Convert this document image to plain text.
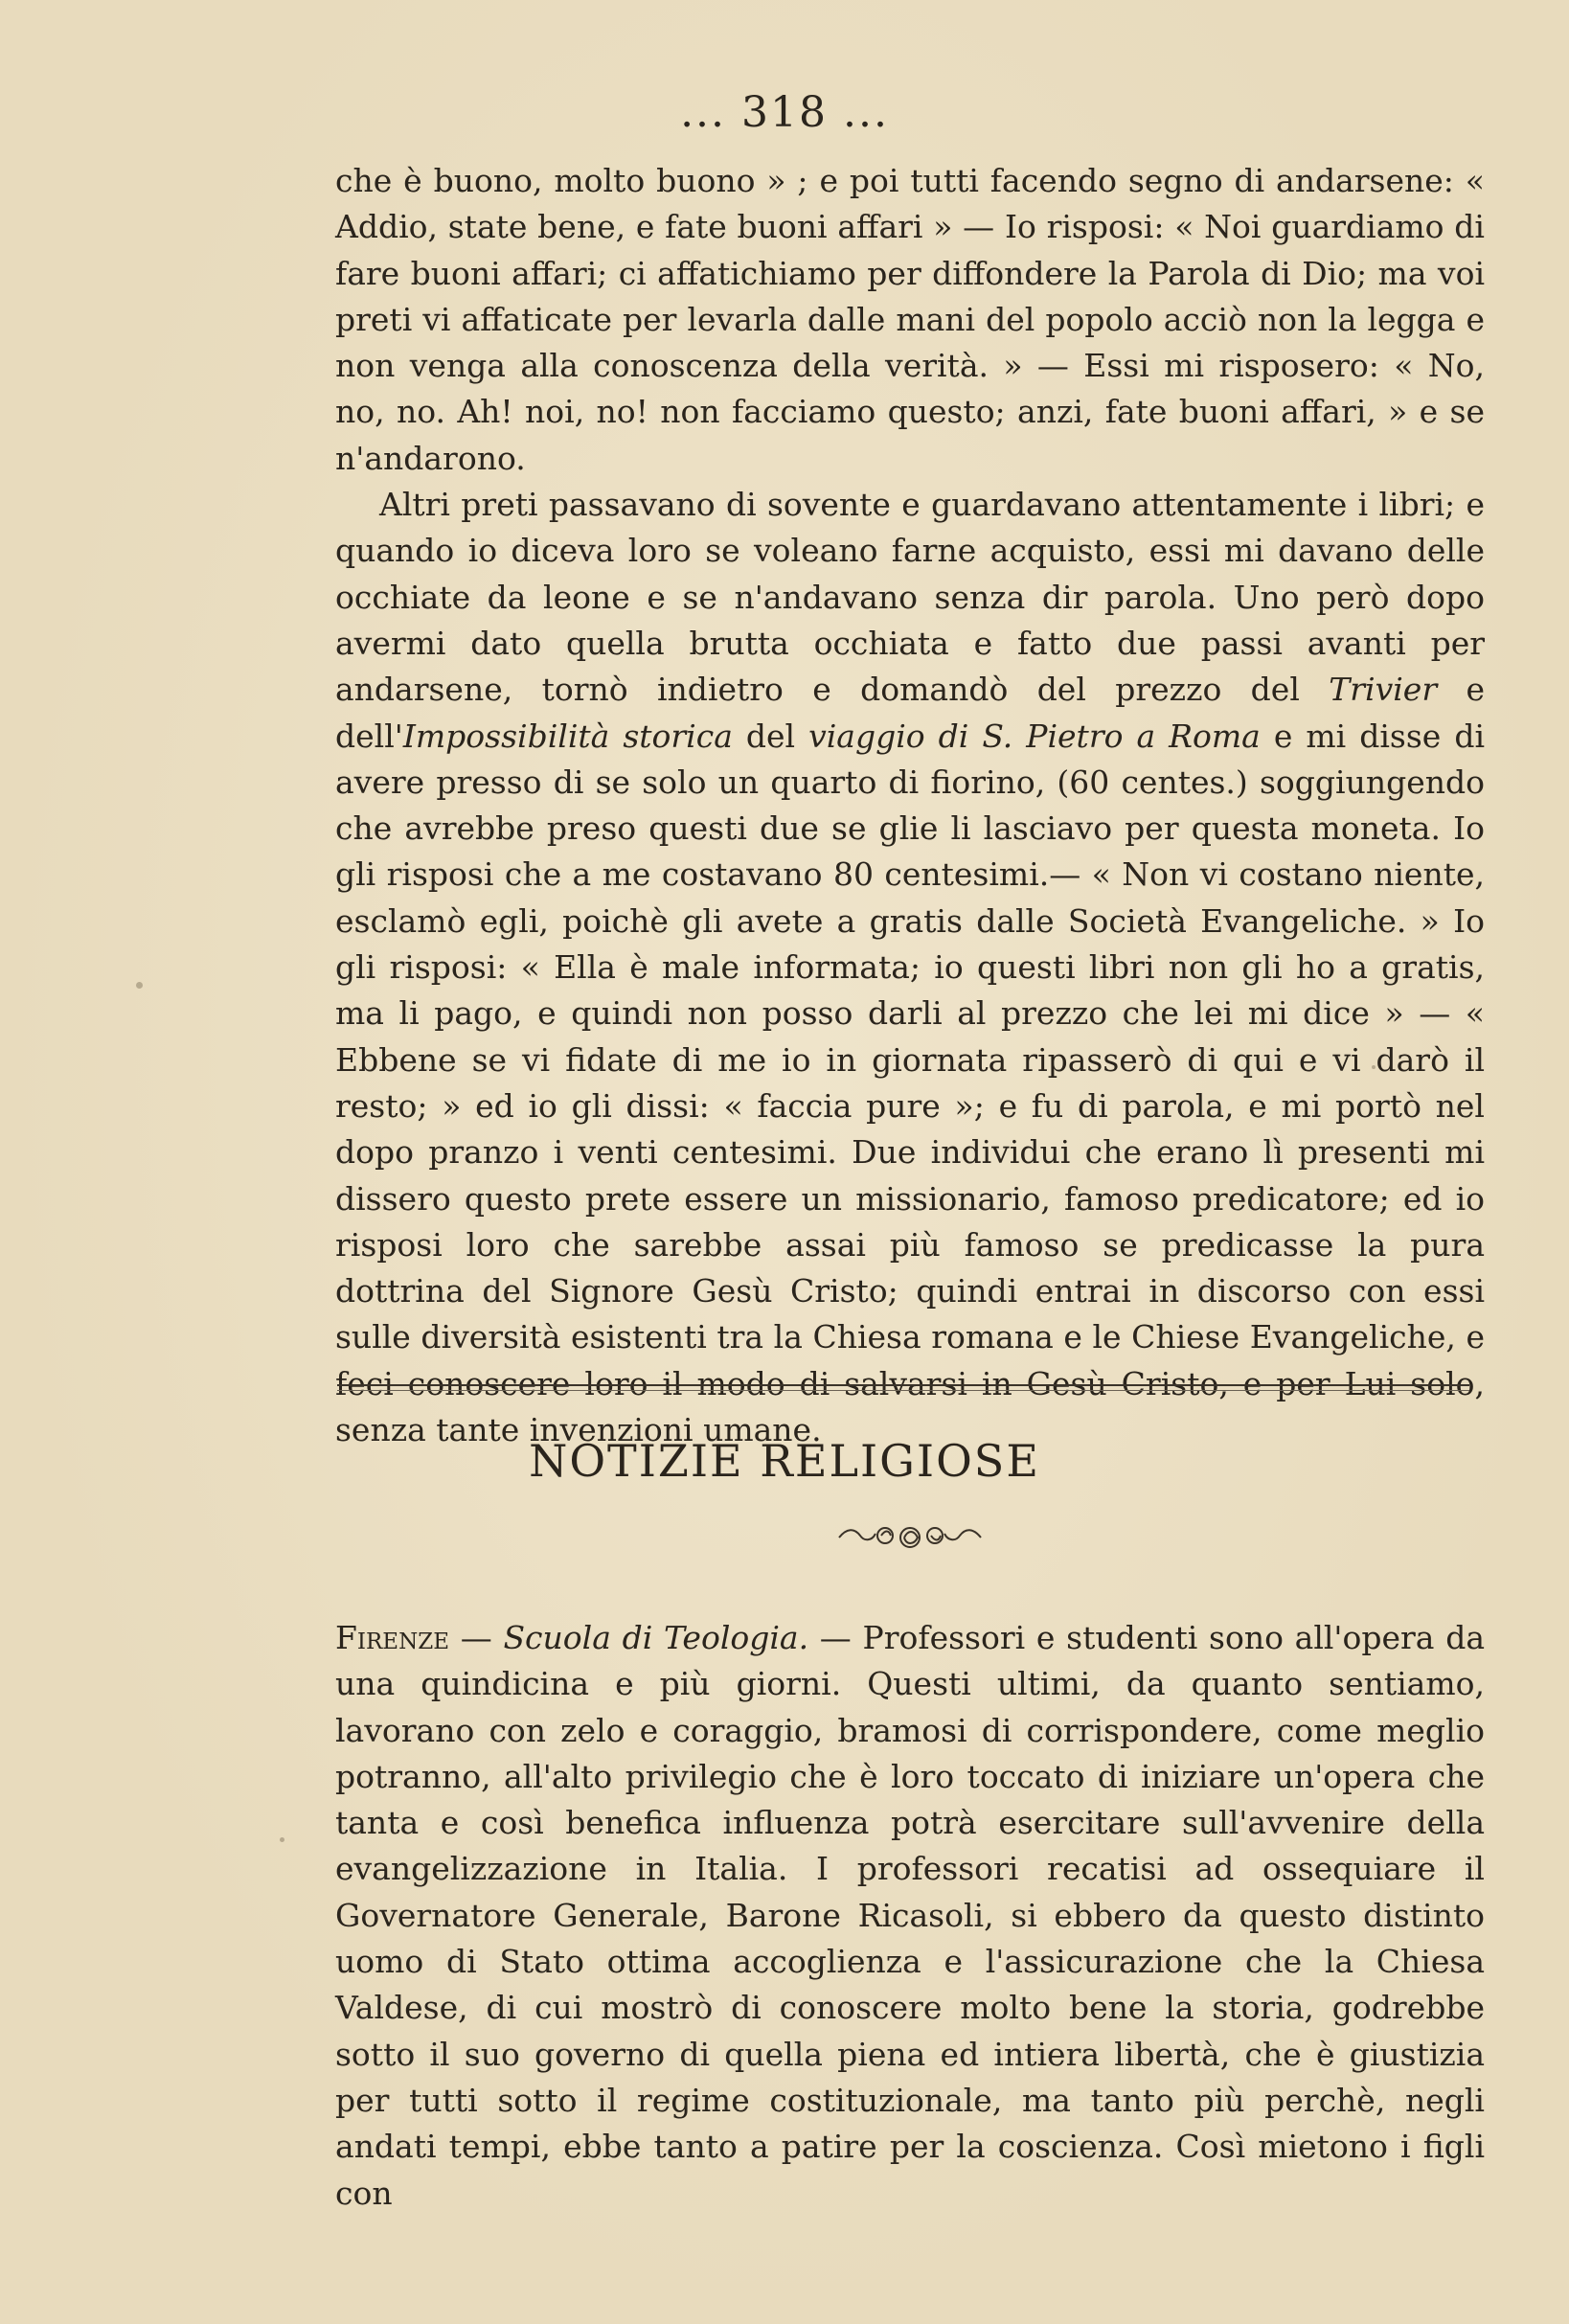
... 318 ...

che è buono, molto buono » ; e poi tutti facendo segno di andarsene: « Addio, state bene, e fate buoni affari » — Io risposi: « Noi guardiamo di fare buoni affari; ci affatichiamo per diffondere la Parola di Dio; ma voi preti vi affaticate per levarla dalle mani del popolo acciò non la legga e non venga alla conoscenza della verità. » — Essi mi risposero: « No, no, no. Ah! noi, no! non facciamo questo; anzi, fate buoni affari, » e se n'andarono.

Altri preti passavano di sovente e guardavano attentamente i libri; e quando io diceva loro se voleano farne acquisto, essi mi davano delle occhiate da leone e se n'andavano senza dir parola. Uno però dopo avermi dato quella brutta occhiata e fatto due passi avanti per andarsene, tornò indietro e domandò del prezzo del Trivier e dell'Impossibilità storica del viaggio di S. Pietro a Roma e mi disse di avere presso di se solo un quarto di fiorino, (60 centes.) soggiungendo che avrebbe preso questi due se glie li lasciavo per questa moneta. Io gli risposi che a me costavano 80 centesimi.— « Non vi costano niente, esclamò egli, poichè gli avete a gratis dalle Società Evangeliche. » Io gli risposi: « Ella è male informata; io questi libri non gli ho a gratis, ma li pago, e quindi non posso darli al prezzo che lei mi dice » — « Ebbene se vi fidate di me io in giornata ripasserò di qui e vi darò il resto; » ed io gli dissi: « faccia pure »; e fu di parola, e mi portò nel dopo pranzo i venti centesimi. Due individui che erano lì presenti mi dissero questo prete essere un missionario, famoso predicatore; ed io risposi loro che sarebbe assai più famoso se predicasse la pura dottrina del Signore Gesù Cristo; quindi entrai in discorso con essi sulle diversità esistenti tra la Chiesa romana e le Chiese Evangeliche, e feci conoscere loro il modo di salvarsi in Gesù Cristo, e per Lui solo, senza tante invenzioni umane.

NOTIZIE RELIGIOSE

Firenze — Scuola di Teologia. — Professori e studenti sono all'opera da una quindicina e più giorni. Questi ultimi, da quanto sentiamo, lavorano con zelo e coraggio, bramosi di corrispondere, come meglio potranno, all'alto privilegio che è loro toccato di iniziare un'opera che tanta e così benefica influenza potrà esercitare sull'avvenire della evangelizzazione in Italia. I professori recatisi ad ossequiare il Governatore Generale, Barone Ricasoli, si ebbero da questo distinto uomo di Stato ottima accoglienza e l'assicurazione che la Chiesa Valdese, di cui mostrò di conoscere molto bene la storia, godrebbe sotto il suo governo di quella piena ed intiera libertà, che è giustizia per tutti sotto il regime costituzionale, ma tanto più perchè, negli andati tempi, ebbe tanto a patire per la coscienza. Così mietono i figli con
